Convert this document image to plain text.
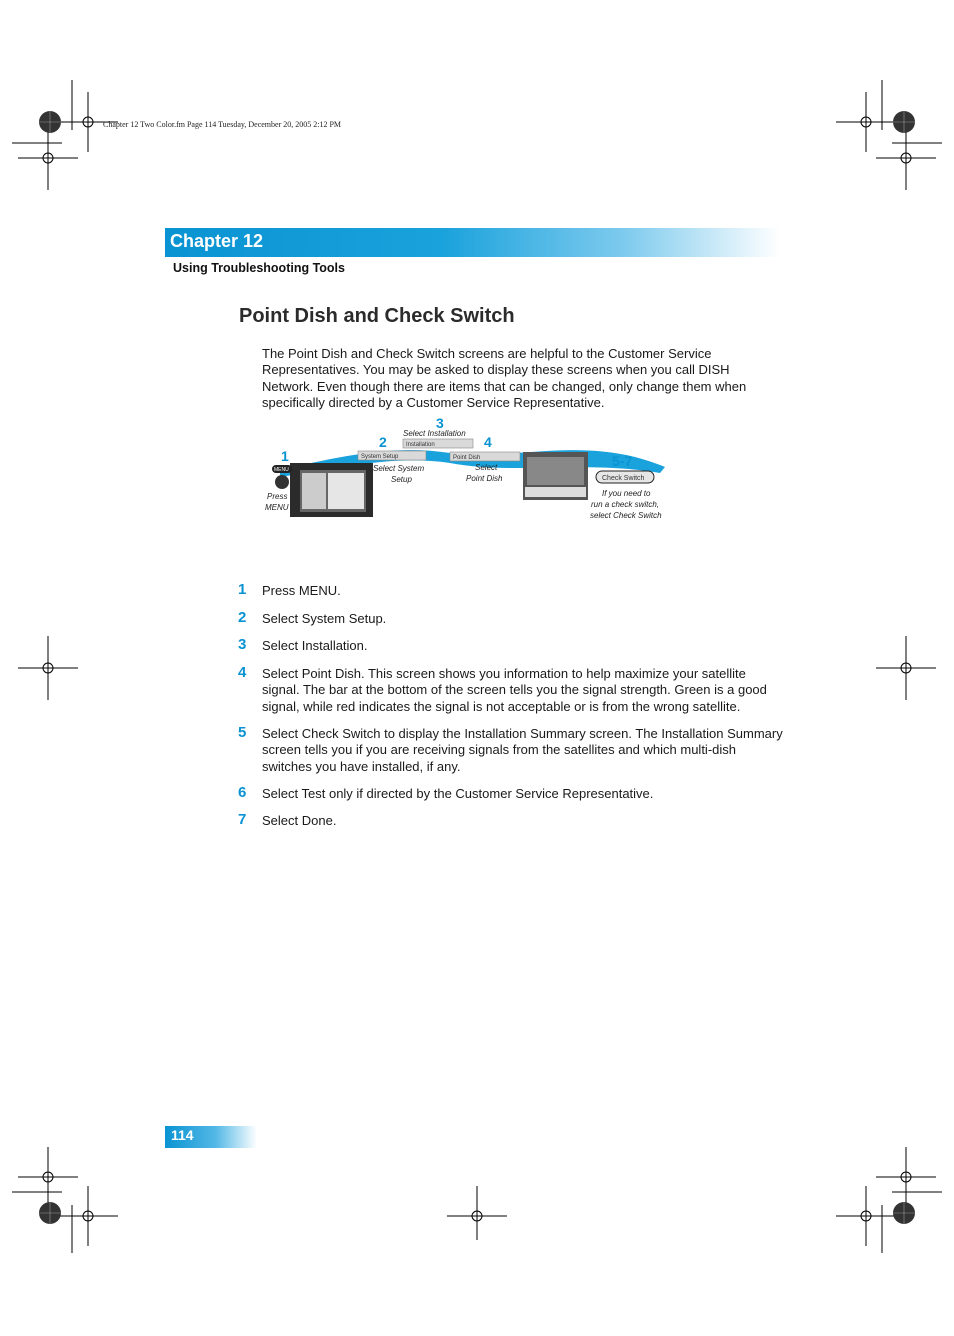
Chapter 12 Two Color.fm Page 114 Tuesday, December 20, 2005 2:12 PM
Chapter 12
Using Troubleshooting Tools
Point Dish and Check Switch
The Point Dish and Check Switch screens are helpful to the Customer Service Representatives. You may be asked to display these screens when you call DISH Network. Even though there are items that can be changed, only change them when specifically directed by a Customer Service Representative.
MENU
1
Press
MENU
System Setup
2
Select System
Setup
Installation
3
Select Installation
Point Dish
4
Select
Point Dish	Check Switch
5-7
If you need to
run a check switch,
select Check Switch
1 Press MENU.
2 Select System Setup.
3 Select Installation.
4 Select Point Dish. This screen shows you information to help maximize your satellite signal. The bar at the bottom of the screen tells you the signal strength. Green is a good signal, while red indicates the signal is not acceptable or is from the wrong satellite.
5 Select Check Switch to display the Installation Summary screen. The Installation Summary screen tells you if you are receiving signals from the satellites and which multi-dish switches you have installed, if any.
6 Select Test only if directed by the Customer Service Representative.
7 Select Done.
114
